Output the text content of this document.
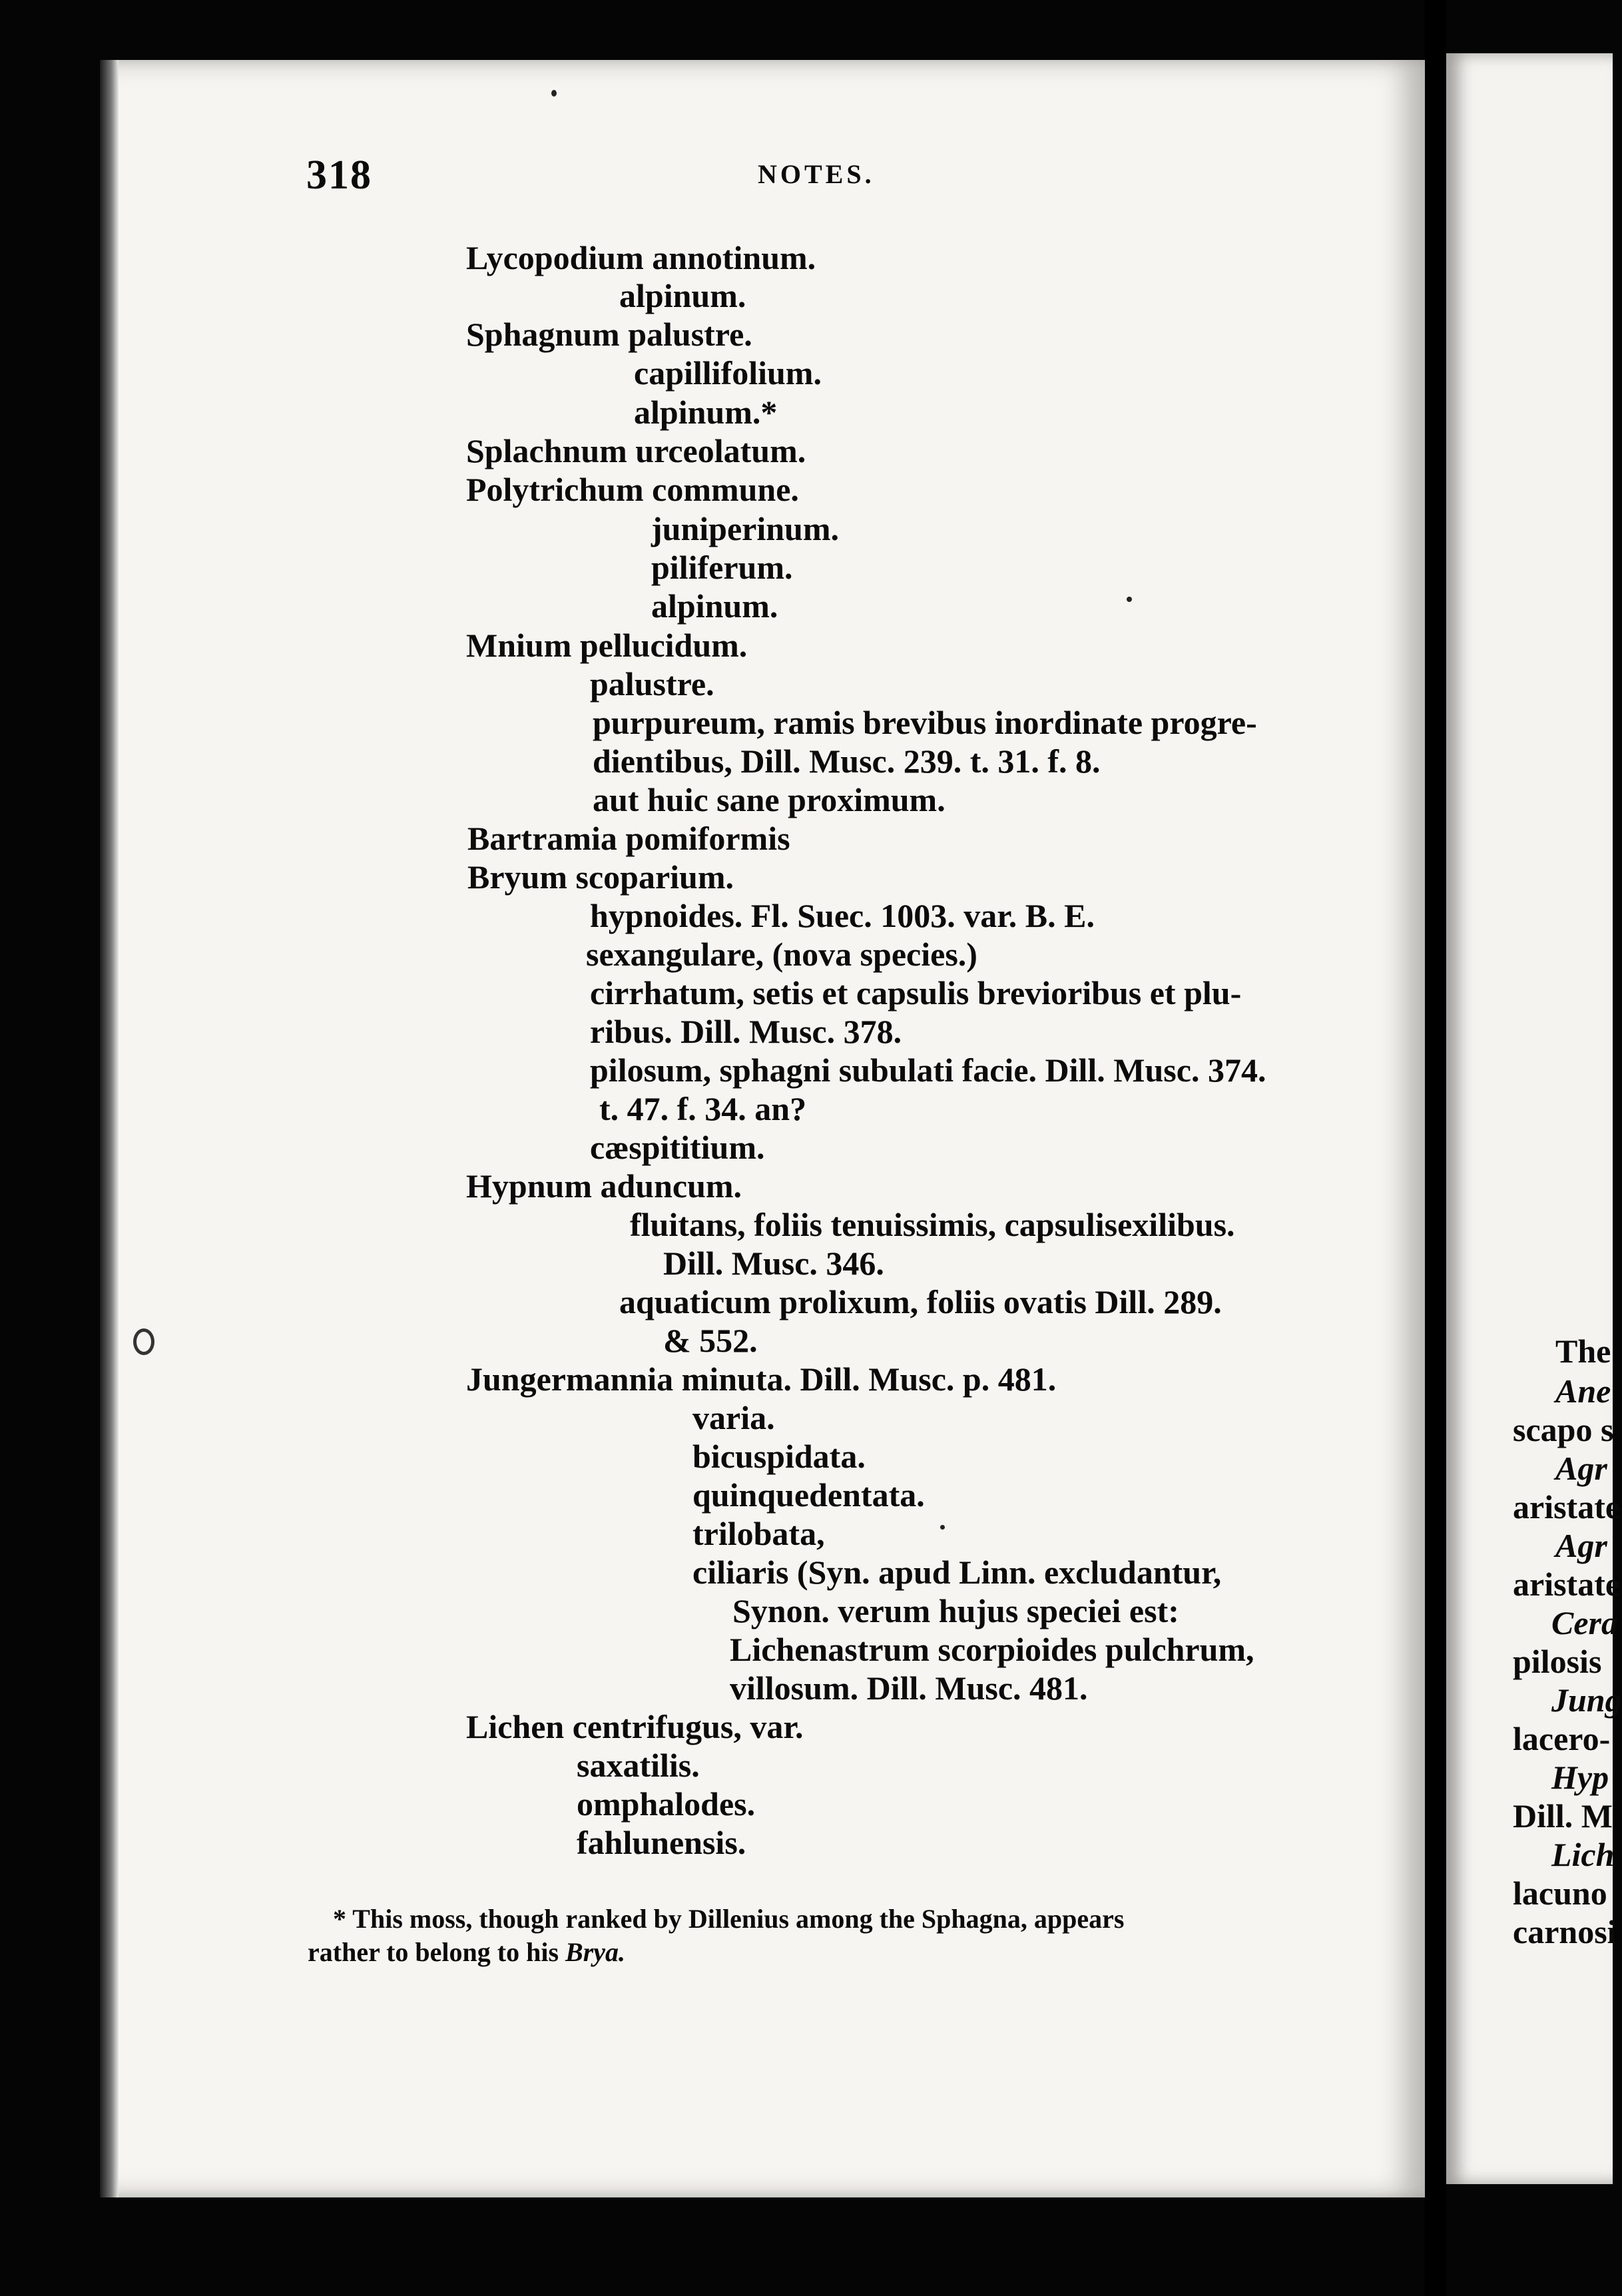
318	NOTES.
Lycopodium annotinum.
alpinum.
Sphagnum palustre.
capillifolium.
alpinum.*
Splachnum urceolatum.
Polytrichum commune.
juniperinum.
piliferum.
alpinum.
Mnium pellucidum.
palustre.
purpureum, ramis brevibus inordinate progre-
dientibus, Dill. Musc. 239. t. 31. f. 8.
aut huic sane proximum.
Bartramia pomiformis
Bryum scoparium.
hypnoides. Fl. Suec. 1003. var. B. E.
sexangulare, (nova species.)
cirrhatum, setis et capsulis brevioribus et plu-
ribus. Dill. Musc. 378.
pilosum, sphagni subulati facie. Dill. Musc. 374.
t. 47. f. 34. an?
cæspititium.
Hypnum aduncum.
fluitans, foliis tenuissimis, capsulisexilibus.
Dill. Musc. 346.
aquaticum prolixum, foliis ovatis Dill. 289.
& 552.
Jungermannia minuta. Dill. Musc. p. 481.
varia.
bicuspidata.
quinquedentata.
trilobata,
ciliaris (Syn. apud Linn. excludantur,
Synon. verum hujus speciei est:
Lichenastrum scorpioides pulchrum,
villosum. Dill. Musc. 481.
Lichen centrifugus, var.
saxatilis.
omphalodes.
fahlunensis.
* This moss, though ranked by Dillenius among the Sphagna, appears
rather to belong to his Brya.
The
Ane
scapo s
Agr
aristate
Agr
aristate
Cera
pilosis
Jung
lacero-
Hyp
Dill. M
Lich
lacuno
carnosi
